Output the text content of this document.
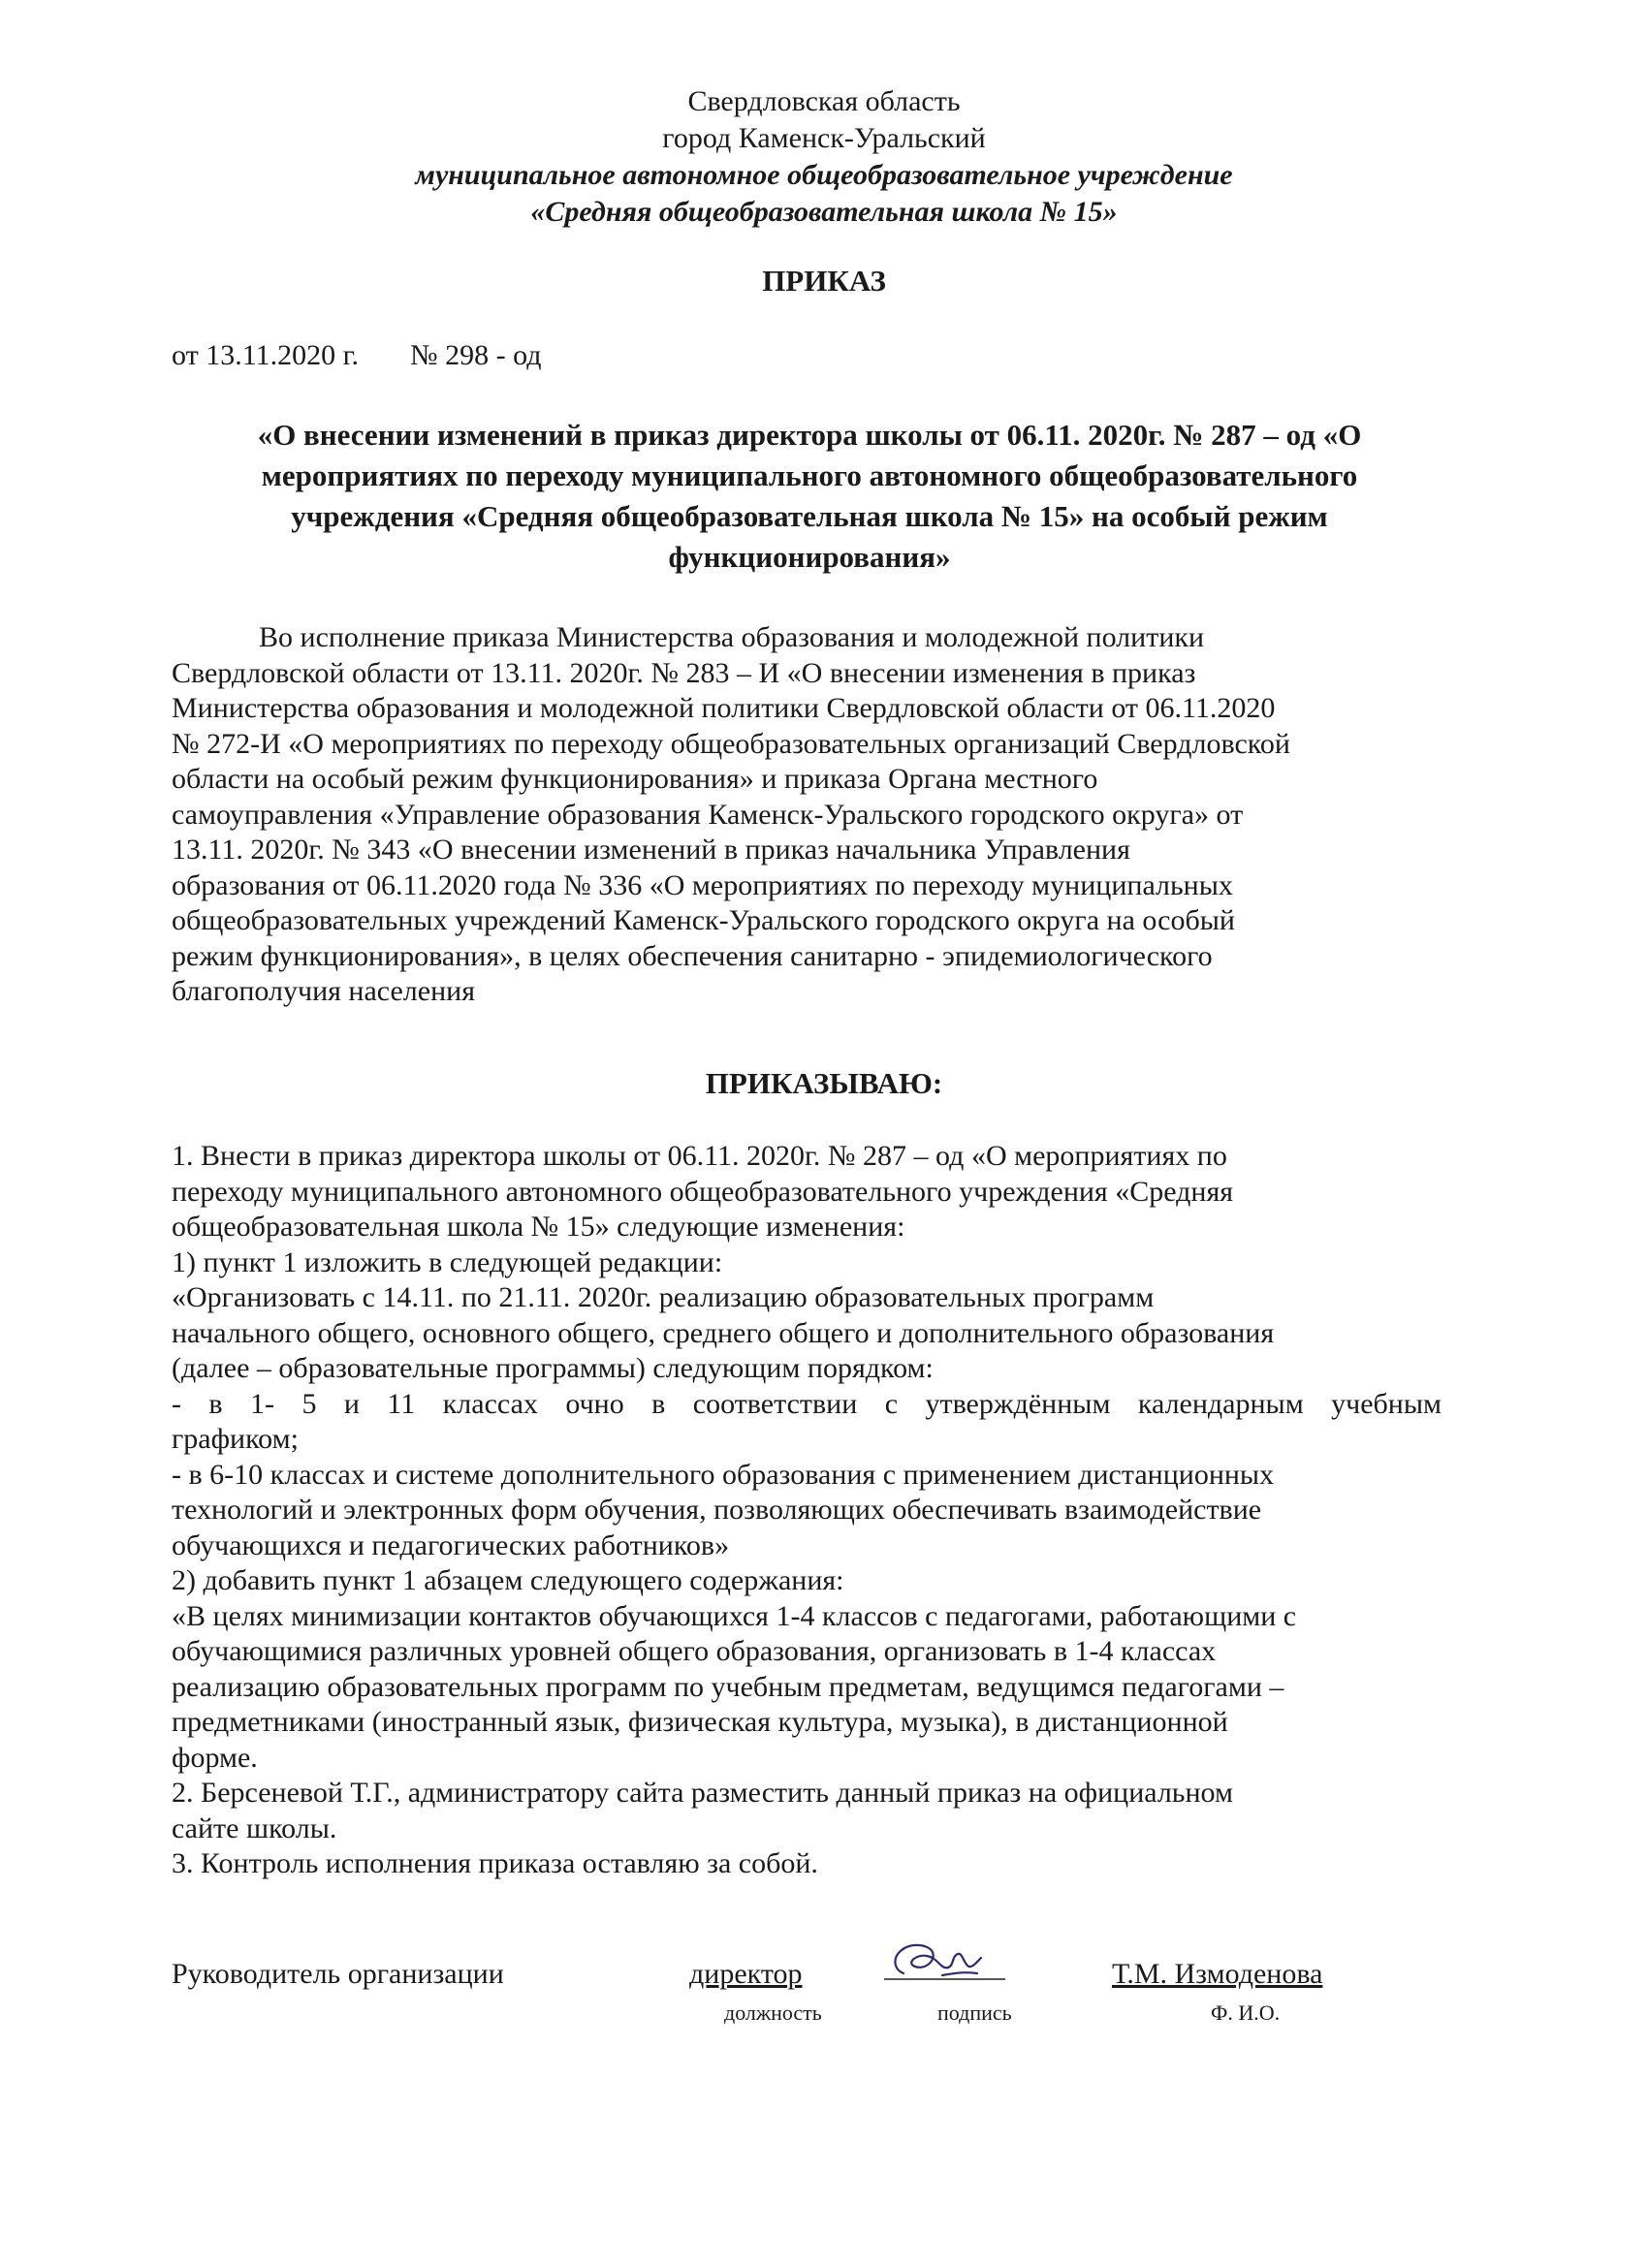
Свердловская область
город Каменск-Уральский
муниципальное автономное общеобразовательное учреждение
«Средняя общеобразовательная школа № 15»
ПРИКАЗ
от 13.11.2020 г. № 298 - од
«О внесении изменений в приказ директора школы от 06.11. 2020г. № 287 – од «О
мероприятиях по переходу муниципального автономного общеобразовательного
учреждения «Средняя общеобразовательная школа № 15» на особый режим
функционирования»
Во исполнение приказа Министерства образования и молодежной политики
Свердловской области от 13.11. 2020г. № 283 – И «О внесении изменения в приказ
Министерства образования и молодежной политики Свердловской области от 06.11.2020
№ 272-И «О мероприятиях по переходу общеобразовательных организаций Свердловской
области на особый режим функционирования» и приказа Органа местного
самоуправления «Управление образования Каменск-Уральского городского округа» от
13.11. 2020г. № 343 «О внесении изменений в приказ начальника Управления
образования от 06.11.2020 года № 336 «О мероприятиях по переходу муниципальных
общеобразовательных учреждений Каменск-Уральского городского округа на особый
режим функционирования», в целях обеспечения санитарно - эпидемиологического
благополучия населения
ПРИКАЗЫВАЮ:
1. Внести в приказ директора школы от 06.11. 2020г. № 287 – од «О мероприятиях по
переходу муниципального автономного общеобразовательного учреждения «Средняя
общеобразовательная школа № 15» следующие изменения:
1) пункт 1 изложить в следующей редакции:
«Организовать с 14.11. по 21.11. 2020г. реализацию образовательных программ
начального общего, основного общего, среднего общего и дополнительного образования
(далее – образовательные программы) следующим порядком:
- в 1- 5 и 11 классах очно в соответствии с утверждённым календарным учебным
графиком;
- в 6-10 классах и системе дополнительного образования с применением дистанционных
технологий и электронных форм обучения, позволяющих обеспечивать взаимодействие
обучающихся и педагогических работников»
2) добавить пункт 1 абзацем следующего содержания:
«В целях минимизации контактов обучающихся 1-4 классов с педагогами, работающими с
обучающимися различных уровней общего образования, организовать в 1-4 классах
реализацию образовательных программ по учебным предметам, ведущимся педагогами –
предметниками (иностранный язык, физическая культура, музыка), в дистанционной
форме.
2. Берсеневой Т.Г., администратору сайта разместить данный приказ на официальном
сайте школы.
3. Контроль исполнения приказа оставляю за собой.
Руководитель организации	директор	Т.М. Измоденова
должность	подпись	Ф. И.О.
